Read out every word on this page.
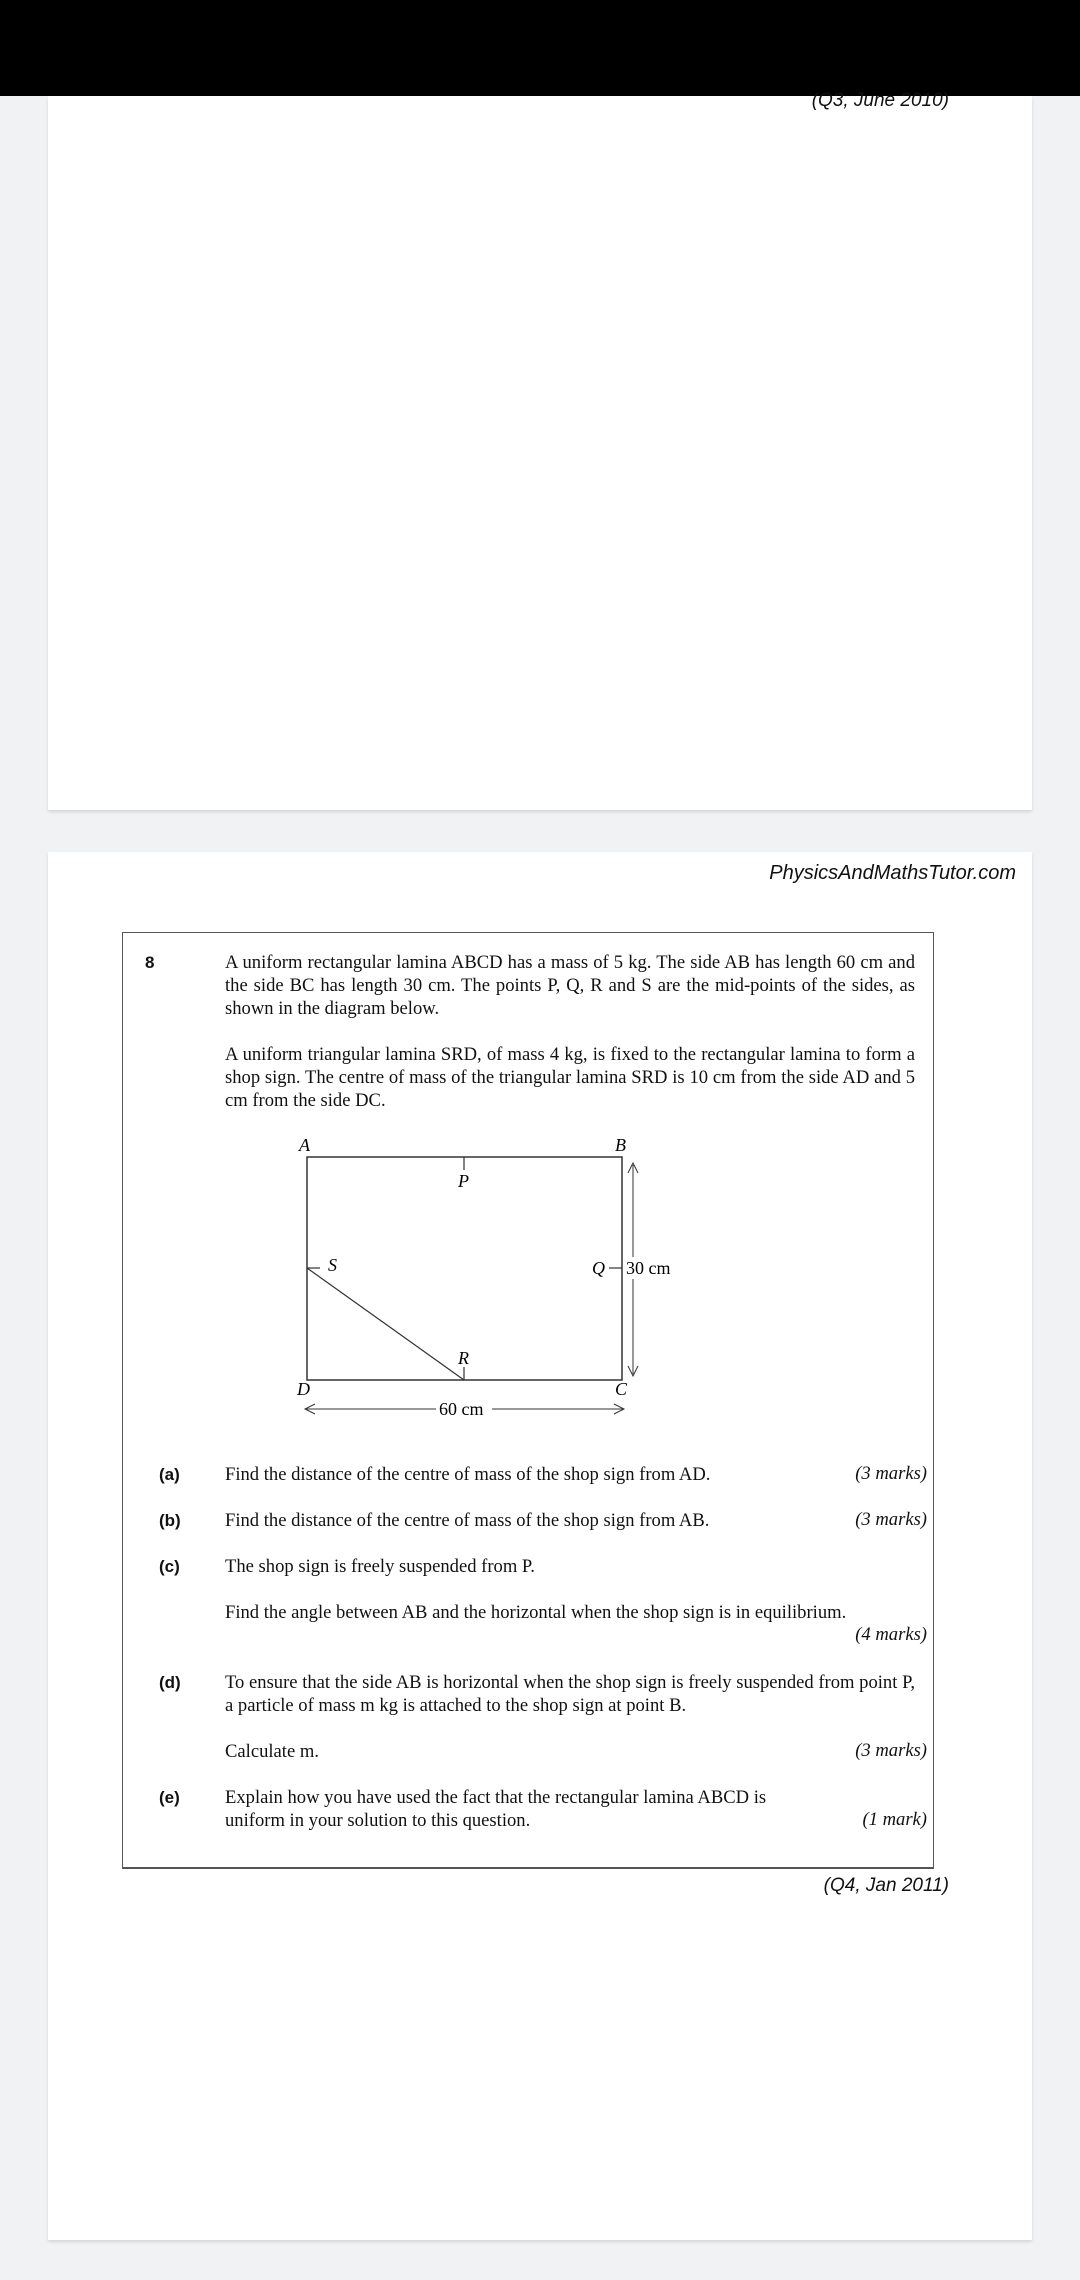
(Q3, June 2010)
PhysicsAndMathsTutor.com
8	A uniform rectangular lamina ABCD has a mass of 5 kg. The side AB has length 60 cm and the side BC has length 30 cm. The points P, Q, R and S are the mid-points of the sides, as shown in the diagram below.
A uniform triangular lamina SRD, of mass 4 kg, is fixed to the rectangular lamina to form a shop sign. The centre of mass of the triangular lamina SRD is 10 cm from the side AD and 5 cm from the side DC.
30 cm
60 cm
A	B
C
D
P
Q
R
S
(a) Find the distance of the centre of mass of the shop sign from AD.	(3 marks)
(b) Find the distance of the centre of mass of the shop sign from AB.	(3 marks)
(c) The shop sign is freely suspended from P.
Find the angle between AB and the horizontal when the shop sign is in equilibrium.
(4 marks)
(d) To ensure that the side AB is horizontal when the shop sign is freely suspended from point P, a particle of mass m kg is attached to the shop sign at point B.
Calculate m.	(3 marks)
(e) Explain how you have used the fact that the rectangular lamina ABCD is uniform in your solution to this question.	(1 mark)
(Q4, Jan 2011)
